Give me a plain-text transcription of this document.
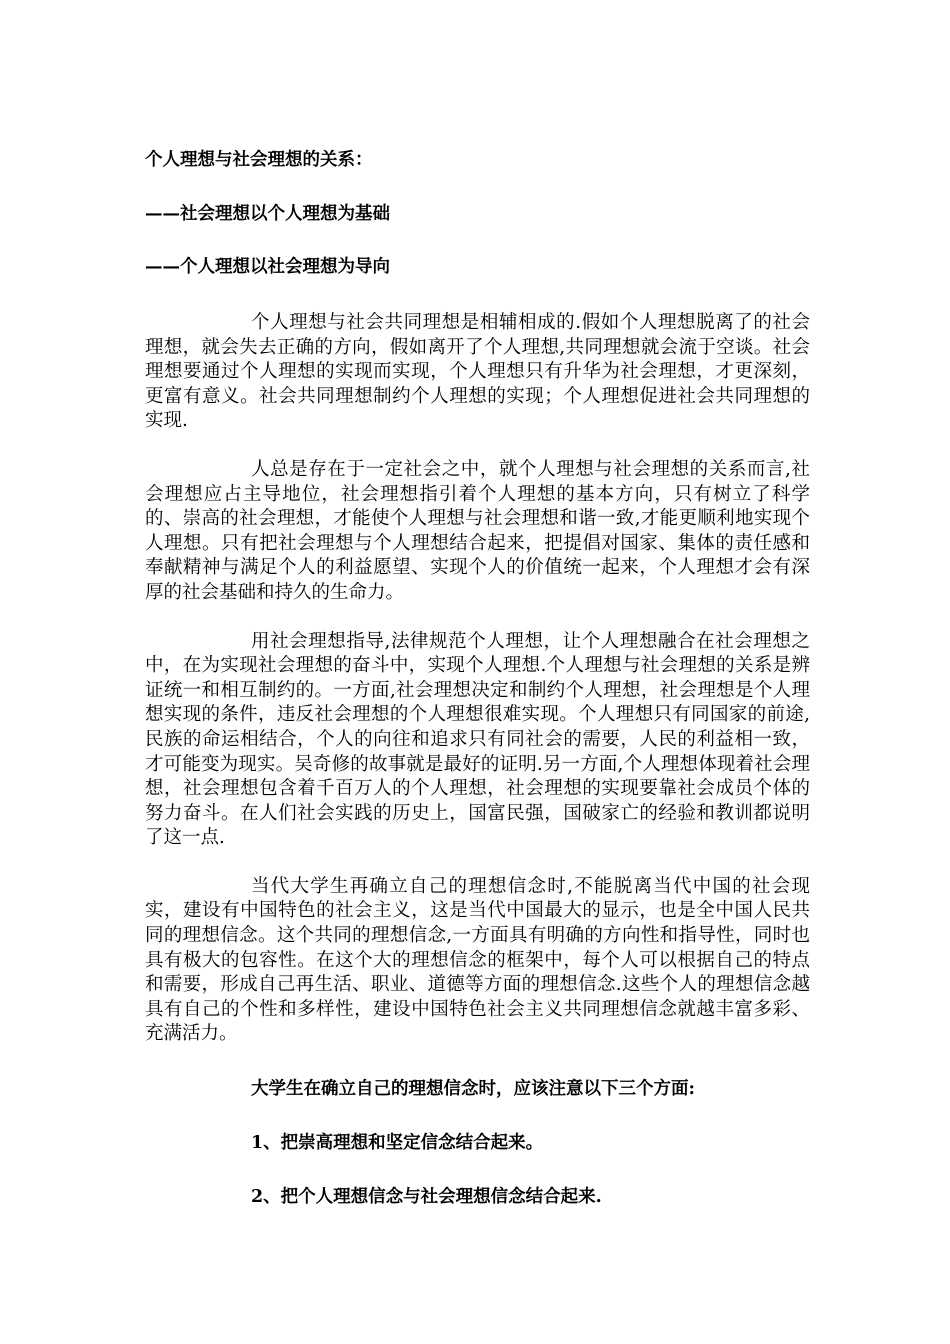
个人理想与社会理想的关系：

——社会理想以个人理想为基础

——个人理想以社会理想为导向

个人理想与社会共同理想是相辅相成的.假如个人理想脱离了的社会理想，就会失去正确的方向，假如离开了个人理想,共同理想就会流于空谈。社会理想要通过个人理想的实现而实现，个人理想只有升华为社会理想，才更深刻，更富有意义。社会共同理想制约个人理想的实现；个人理想促进社会共同理想的实现.

人总是存在于一定社会之中，就个人理想与社会理想的关系而言,社会理想应占主导地位，社会理想指引着个人理想的基本方向，只有树立了科学的、崇高的社会理想，才能使个人理想与社会理想和谐一致,才能更顺利地实现个人理想。只有把社会理想与个人理想结合起来，把提倡对国家、集体的责任感和奉献精神与满足个人的利益愿望、实现个人的价值统一起来，个人理想才会有深厚的社会基础和持久的生命力。

用社会理想指导,法律规范个人理想，让个人理想融合在社会理想之中，在为实现社会理想的奋斗中，实现个人理想.个人理想与社会理想的关系是辨证统一和相互制约的。一方面,社会理想决定和制约个人理想，社会理想是个人理想实现的条件，违反社会理想的个人理想很难实现。个人理想只有同国家的前途,民族的命运相结合，个人的向往和追求只有同社会的需要，人民的利益相一致，才可能变为现实。吴奇修的故事就是最好的证明.另一方面,个人理想体现着社会理想，社会理想包含着千百万人的个人理想，社会理想的实现要靠社会成员个体的努力奋斗。在人们社会实践的历史上，国富民强，国破家亡的经验和教训都说明了这一点.

当代大学生再确立自己的理想信念时,不能脱离当代中国的社会现实，建设有中国特色的社会主义，这是当代中国最大的显示，也是全中国人民共同的理想信念。这个共同的理想信念,一方面具有明确的方向性和指导性，同时也具有极大的包容性。在这个大的理想信念的框架中，每个人可以根据自己的特点和需要，形成自己再生活、职业、道德等方面的理想信念.这些个人的理想信念越具有自己的个性和多样性，建设中国特色社会主义共同理想信念就越丰富多彩、充满活力。

大学生在确立自己的理想信念时，应该注意以下三个方面:

1、把崇高理想和坚定信念结合起来。
2、把个人理想信念与社会理想信念结合起来.
